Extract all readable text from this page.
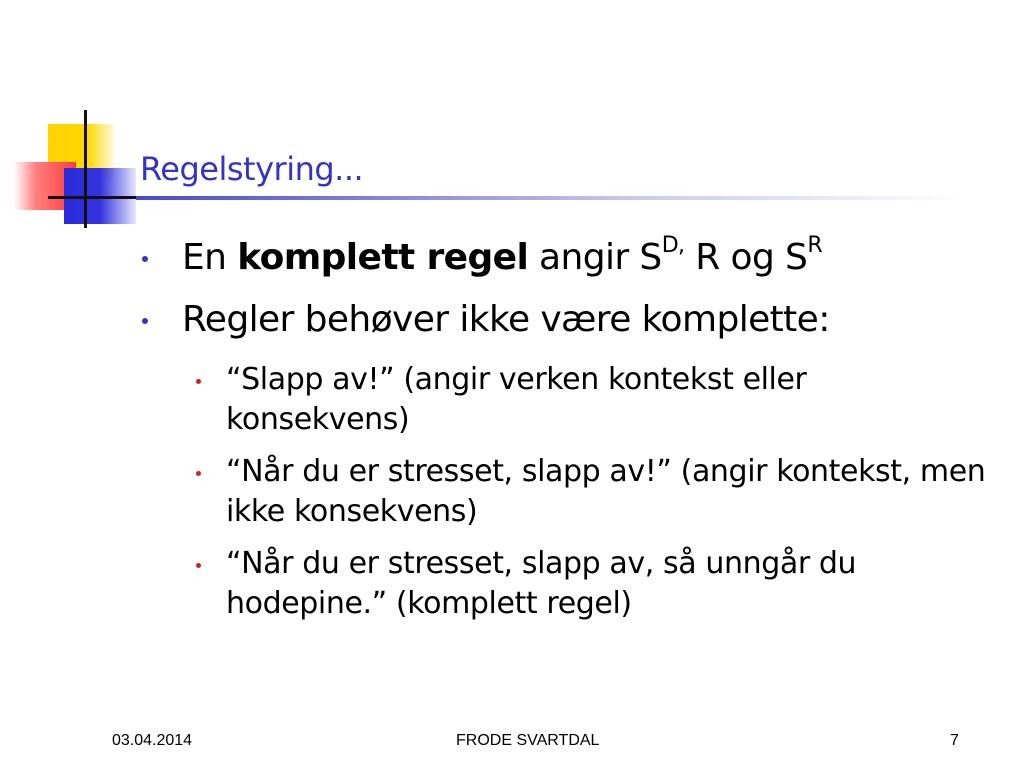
Regelstyring...
En komplett regel angir $S^{D,}$ R og $S^R$
Regler behøver ikke være komplette:
“Slapp av!” (angir verken kontekst eller konsekvens)
“Når du er stresset, slapp av!” (angir kontekst, men ikke konsekvens)
“Når du er stresset, slapp av, så unngår du hodepine.” (komplett regel)
03.04.2014	FRODE SVARTDAL	7
